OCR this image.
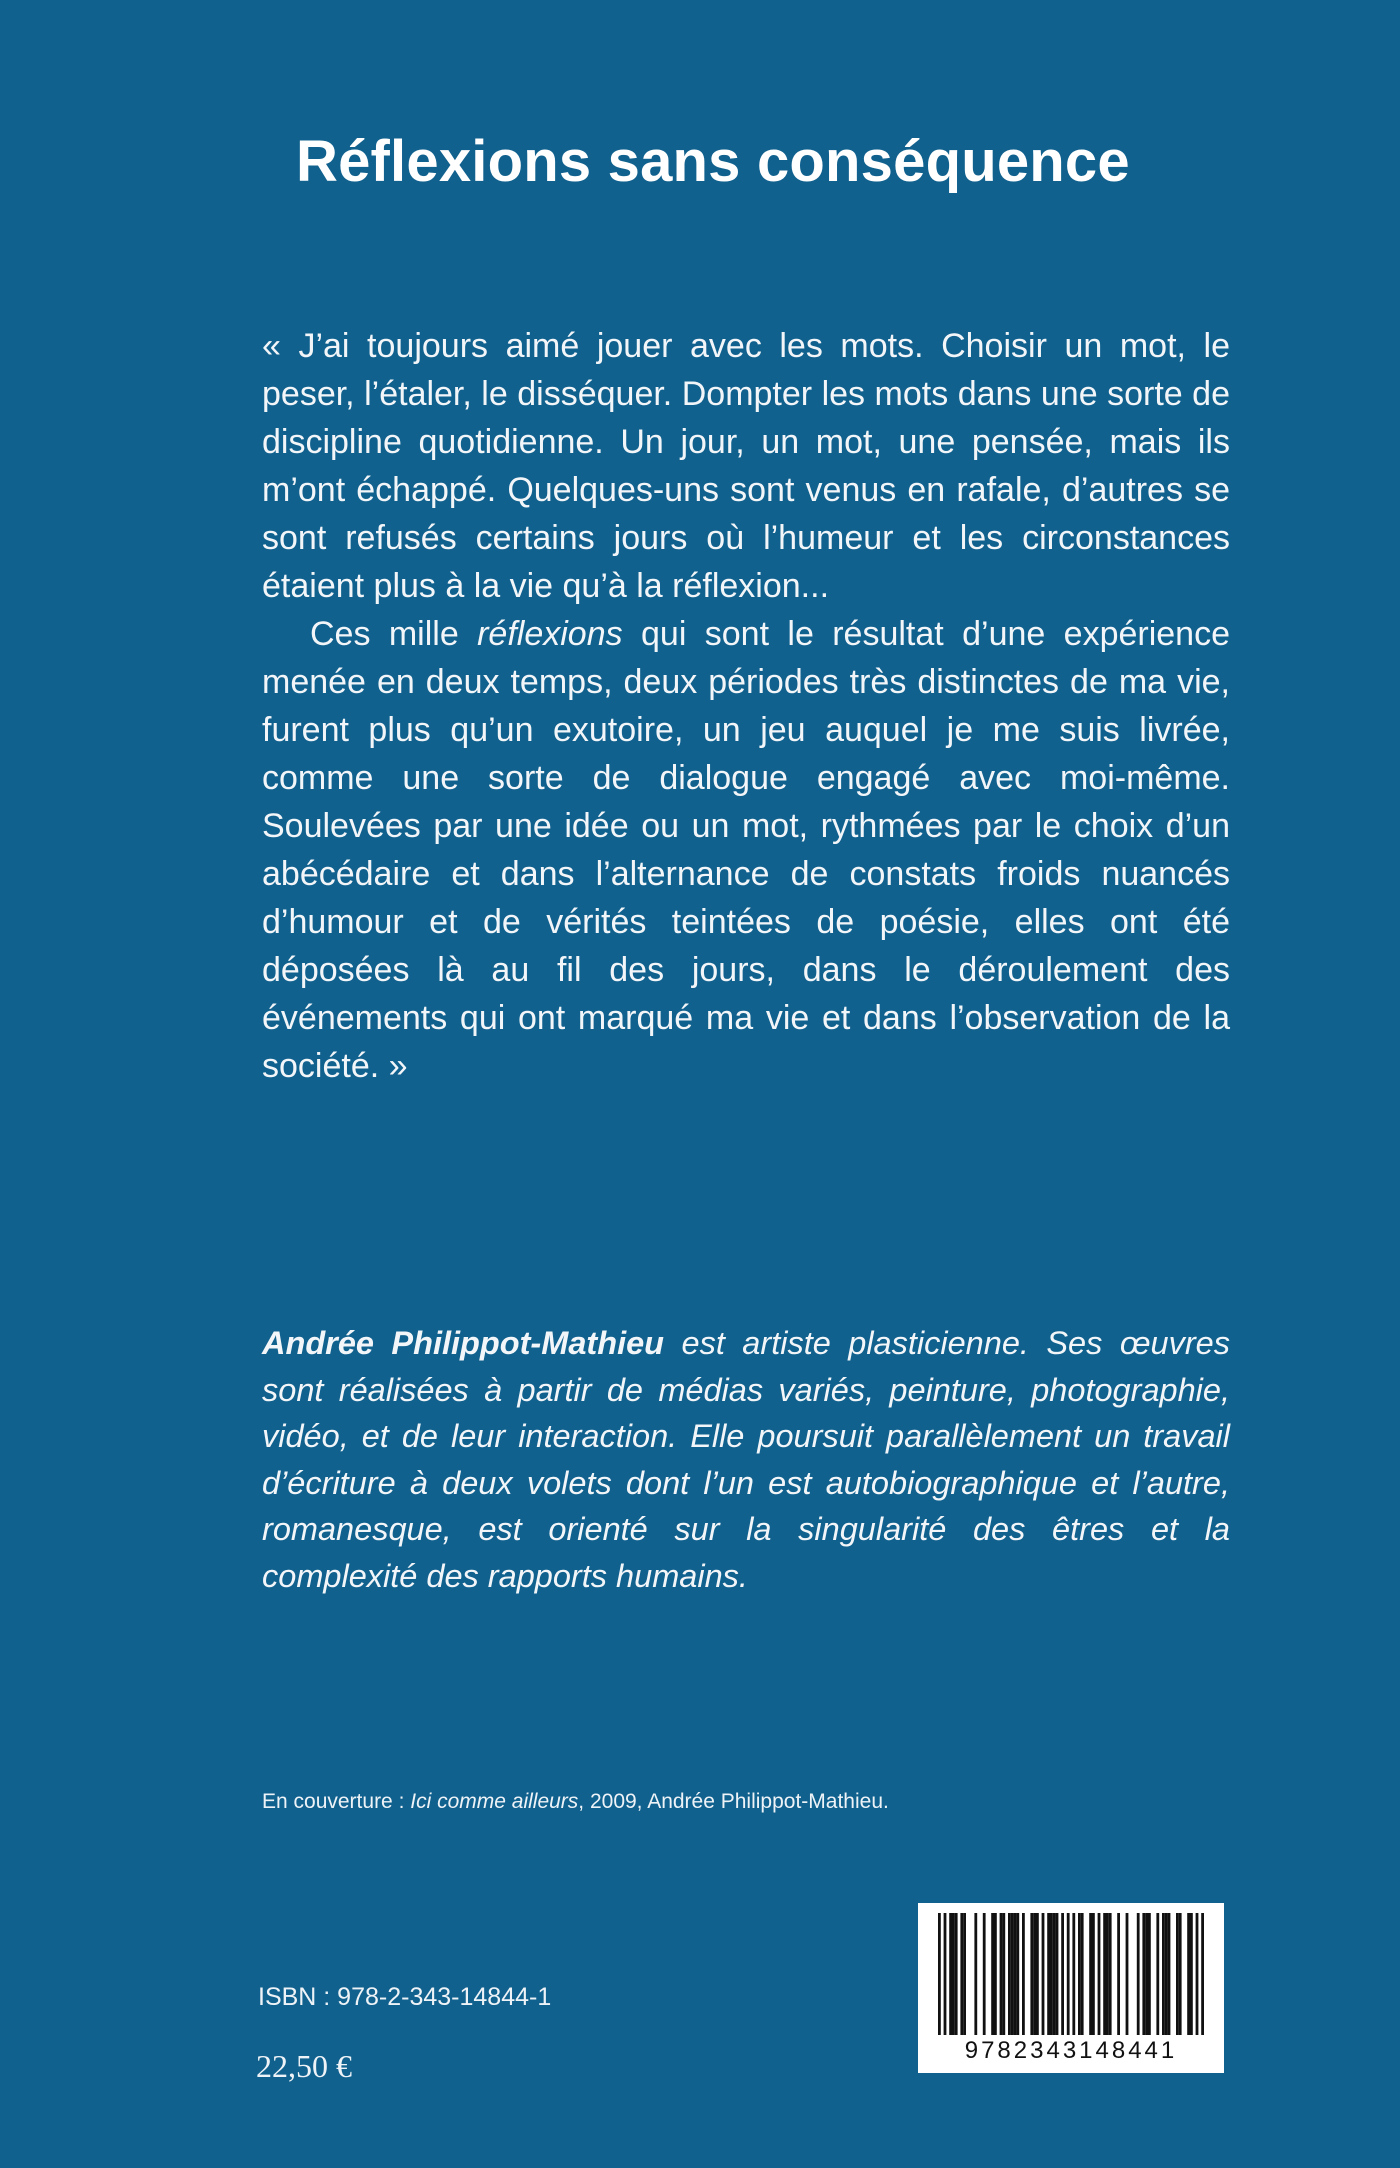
Réflexions sans conséquence

« J’ai toujours aimé jouer avec les mots. Choisir un mot, le peser, l’étaler, le disséquer. Dompter les mots dans une sorte de discipline quotidienne. Un jour, un mot, une pensée, mais ils m’ont échappé. Quelques-uns sont venus en rafale, d’autres se sont refusés certains jours où l’humeur et les circonstances étaient plus à la vie qu’à la réflexion...

Ces mille réflexions qui sont le résultat d’une expérience menée en deux temps, deux périodes très distinctes de ma vie, furent plus qu’un exutoire, un jeu auquel je me suis livrée, comme une sorte de dialogue engagé avec moi-même. Soulevées par une idée ou un mot, rythmées par le choix d’un abécédaire et dans l’alternance de constats froids nuancés d’humour et de vérités teintées de poésie, elles ont été déposées là au fil des jours, dans le déroulement des événements qui ont marqué ma vie et dans l’observation de la société. »

Andrée Philippot-Mathieu est artiste plasticienne. Ses œuvres sont réalisées à partir de médias variés, peinture, photographie, vidéo, et de leur interaction. Elle poursuit parallèlement un travail d’écriture à deux volets dont l’un est autobiographique et l’autre, romanesque, est orienté sur la singularité des êtres et la complexité des rapports humains.
En couverture : Ici comme ailleurs, 2009, Andrée Philippot-Mathieu.
ISBN : 978-2-343-14844-1
22,50 €	9782343148441
